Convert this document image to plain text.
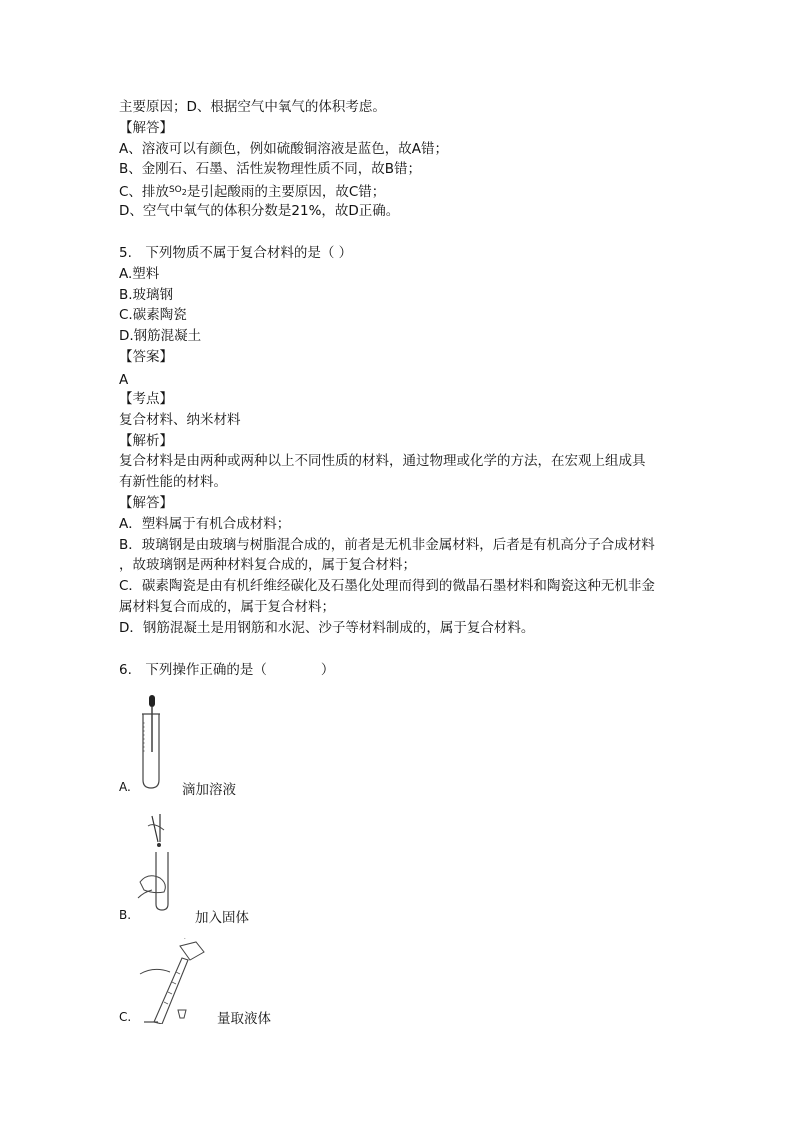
主要原因；D、根据空气中氧气的体积考虑。
【解答】
A、溶液可以有颜色，例如硫酸铜溶液是蓝色，故A错；
B、金刚石、石墨、活性炭物理性质不同，故B错；
C、排放$^{SO}$2是引起酸雨的主要原因，故C错；
D、空气中氧气的体积分数是21%，故D正确。
5.　下列物质不属于复合材料的是（ ）
A.塑料
B.玻璃钢
C.碳素陶瓷
D.钢筋混凝土
【答案】
A
【考点】
复合材料、纳米材料
【解析】
复合材料是由两种或两种以上不同性质的材料，通过物理或化学的方法，在宏观上组成具
有新性能的材料。
【解答】
A．塑料属于有机合成材料；
B．玻璃钢是由玻璃与树脂混合成的，前者是无机非金属材料，后者是有机高分子合成材料
，故玻璃钢是两种材料复合成的，属于复合材料；
C．碳素陶瓷是由有机纤维经碳化及石墨化处理而得到的微晶石墨材料和陶瓷这种无机非金
属材料复合而成的，属于复合材料；
D．钢筋混凝土是用钢筋和水泥、沙子等材料制成的，属于复合材料。
6.　下列操作正确的是（　　　　）
A.	滴加溶液
B.	加入固体
C.	量取液体
